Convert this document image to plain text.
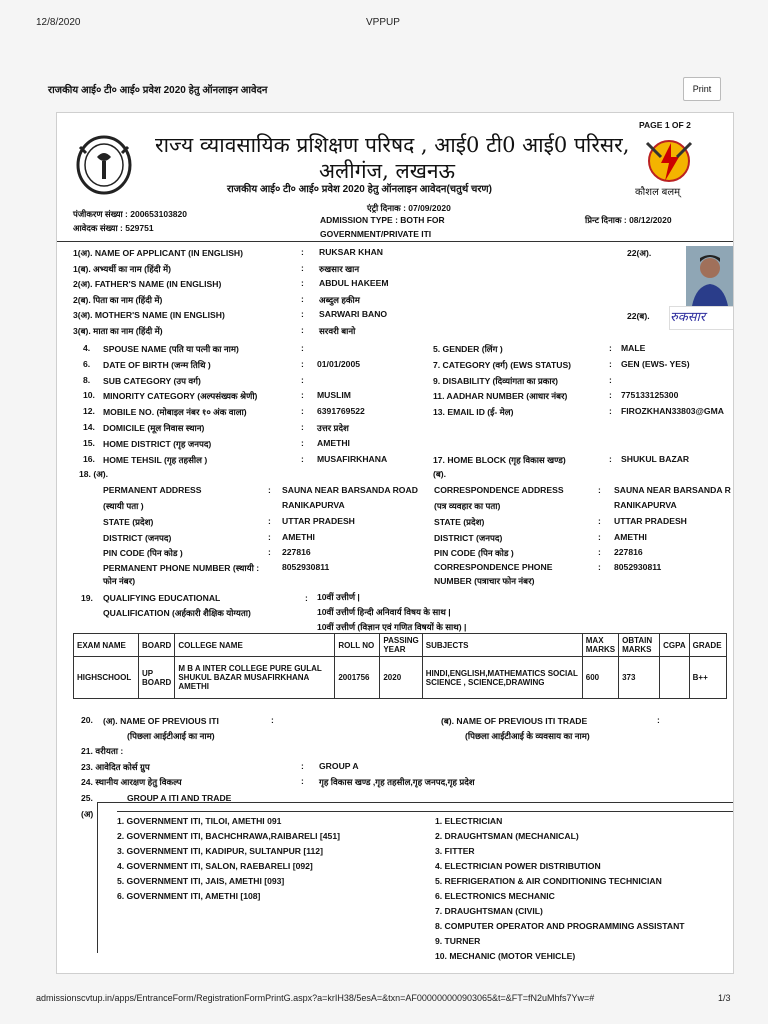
12/8/2020	VPPUP
राजकीय आई० टी० आई० प्रवेश 2020 हेतु ऑनलाइन आवेदन	Print
PAGE 1 OF 2
राज्य व्यावसायिक प्रशिक्षण परिषद , आई0 टी0 आई0 परिसर,
अलीगंज, लखनऊ
राजकीय आई० टी० आई० प्रवेश 2020 हेतु ऑनलाइन आवेदन(चतुर्थ चरण)	कौशल बलम्
पंजीकरण संख्या : 200653103820
आवेदक संख्या : 529751
एंट्री दिनाक : 07/09/2020
ADMISSION TYPE : BOTH FOR
GOVERNMENT/PRIVATE ITI
प्रिन्ट दिनाक : 08/12/2020
22(अ).
22(ब). रुकसार
1(अ). NAME OF APPLICANT (IN ENGLISH)	: RUKSAR KHAN
1(ब). अभ्यर्थी का नाम (हिंदी में)	: रुखसार खान
2(अ). FATHER'S NAME (IN ENGLISH)	: ABDUL HAKEEM
2(ब). पिता का नाम (हिंदी में)	: अब्दुल हकीम
3(अ). MOTHER'S NAME (IN ENGLISH)	: SARWARI BANO
3(ब). माता का नाम (हिंदी में)	: सरवरी बानो
4. SPOUSE NAME (पति या पत्नी का नाम)	:	5. GENDER (लिंग )	: MALE
6. DATE OF BIRTH (जन्म तिथि )	: 01/01/2005	7. CATEGORY (वर्ग) (EWS STATUS)	: GEN (EWS- YES)
8. SUB CATEGORY (उप वर्ग)	:	9. DISABILITY (दिव्यांगता का प्रकार)	:
10. MINORITY CATEGORY (अल्पसंख्यक श्रेणी)	: MUSLIM	11. AADHAR NUMBER (आधार नंबर)	: 775133125300
12. MOBILE NO. (मोबाइल नंबर १० अंक वाला)	: 6391769522	13. EMAIL ID (ई- मेल)	: FIROZKHAN33803@GMA
14. DOMICILE (मूल निवास स्थान)	: उत्तर प्रदेश
15. HOME DISTRICT (गृह जनपद)	: AMETHI
16. HOME TEHSIL (गृह तहसील )	: MUSAFIRKHANA	17. HOME BLOCK (गृह विकास खण्ड)	: SHUKUL BAZAR
18. (अ).	(ब).
PERMANENT ADDRESS	: SAUNA NEAR BARSANDA ROAD
(स्थायी पता )	RANIKAPURVA
STATE (प्रदेश)	: UTTAR PRADESH
DISTRICT (जनपद)	: AMETHI
PIN CODE (पिन कोड )	: 227816
PERMANENT PHONE NUMBER (स्थायी :
फोन नंबर)
8052930811
CORRESPONDENCE ADDRESS	: SAUNA NEAR BARSANDA R
(पत्र व्यवहार का पता)	RANIKAPURVA
STATE (प्रदेश)	: UTTAR PRADESH
DISTRICT (जनपद)	: AMETHI
PIN CODE (पिन कोड )	: 227816
CORRESPONDENCE PHONE
NUMBER (पत्राचार फोन नंबर)
: 8052930811
19. QUALIFYING EDUCATIONAL
QUALIFICATION (अर्हकारी शैक्षिक योग्यता)
: 10वीं उत्तीर्ण |
10वीं उत्तीर्ण हिन्दी अनिवार्य विषय के साथ |
10वीं उत्तीर्ण (विज्ञान एवं गणित विषयों के साथ) |
EXAM NAME	BOARD	COLLEGE NAME	ROLL NO	PASSING YEAR	SUBJECTS	MAX MARKS	OBTAIN MARKS	CGPA	GRADE
HIGHSCHOOL	UP BOARD	M B A INTER COLLEGE PURE GULAL SHUKUL BAZAR MUSAFIRKHANA AMETHI	2001756	2020	HINDI,ENGLISH,MATHEMATICS SOCIAL SCIENCE , SCIENCE,DRAWING	600	373		B++
20. (अ). NAME OF PREVIOUS ITI	:
(पिछला आईटीआई का नाम)
(ब). NAME OF PREVIOUS ITI TRADE	:
(पिछला आईटीआई के व्यवसाय का नाम)
21. वरीयता :
23. आवेदित कोर्स ग्रुप	: GROUP A
24. स्थानीय आरक्षण हेतु विकल्प	: गृह विकास खण्ड ,गृह तहसील,गृह जनपद,गृह प्रदेश
25.
(अ)
GROUP A ITI AND TRADE
1. GOVERNMENT ITI, TILOI, AMETHI 091
2. GOVERNMENT ITI, BACHCHRAWA,RAIBARELI [451]
3. GOVERNMENT ITI, KADIPUR, SULTANPUR [112]
4. GOVERNMENT ITI, SALON, RAEBARELI [092]
5. GOVERNMENT ITI, JAIS, AMETHI [093]
6. GOVERNMENT ITI, AMETHI [108]
1. ELECTRICIAN
2. DRAUGHTSMAN (MECHANICAL)
3. FITTER
4. ELECTRICIAN POWER DISTRIBUTION
5. REFRIGERATION & AIR CONDITIONING TECHNICIAN
6. ELECTRONICS MECHANIC
7. DRAUGHTSMAN (CIVIL)
8. COMPUTER OPERATOR AND PROGRAMMING ASSISTANT
9. TURNER
10. MECHANIC (MOTOR VEHICLE)
admissionscvtup.in/apps/EntranceForm/RegistrationFormPrintG.aspx?a=krIH38/5esA=&txn=AF000000000903065&t=&FT=fN2uMhfs7Yw=#	1/3
